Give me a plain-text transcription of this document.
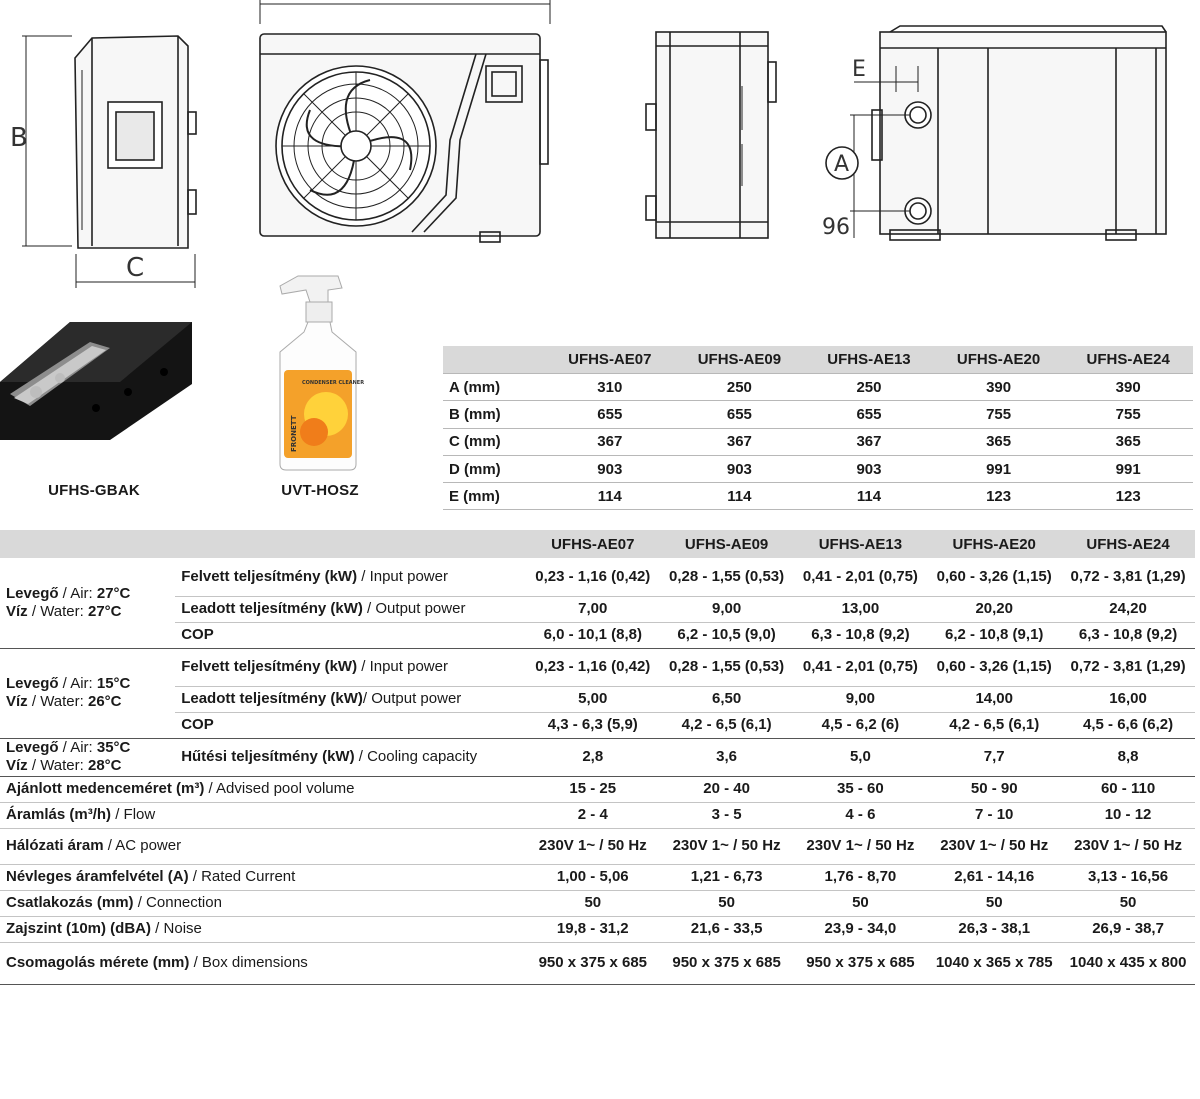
B
C
E
A
96
UFHS-GBAK
CONDENSER CLEANER
FRONETT
UVT-HOSZ
	UFHS-AE07	UFHS-AE09	UFHS-AE13	UFHS-AE20	UFHS-AE24
A (mm)	310	250	250	390	390
B (mm)	655	655	655	755	755
C (mm)	367	367	367	365	365
D (mm)	903	903	903	991	991
E (mm)	114	114	114	123	123
		UFHS-AE07	UFHS-AE09	UFHS-AE13	UFHS-AE20	UFHS-AE24

Levegő / Air: 27°C
Víz / Water: 27°C	Felvett teljesítmény (kW) / Input power	0,23 - 1,16 (0,42)	0,28 - 1,55 (0,53)	0,41 - 2,01 (0,75)	0,60 - 3,26 (1,15)	0,72 - 3,81 (1,29)
	Leadott teljesítmény (kW) / Output power	7,00	9,00	13,00	20,20	24,20
	COP	6,0 - 10,1 (8,8)	6,2 - 10,5 (9,0)	6,3 - 10,8 (9,2)	6,2 - 10,8 (9,1)	6,3 - 10,8 (9,2)

Levegő / Air: 15°C
Víz / Water: 26°C	Felvett teljesítmény (kW) / Input power	0,23 - 1,16 (0,42)	0,28 - 1,55 (0,53)	0,41 - 2,01 (0,75)	0,60 - 3,26 (1,15)	0,72 - 3,81 (1,29)
	Leadott teljesítmény (kW)/ Output power	5,00	6,50	9,00	14,00	16,00
	COP	4,3 - 6,3 (5,9)	4,2 - 6,5 (6,1)	4,5 - 6,2 (6)	4,2 - 6,5 (6,1)	4,5 - 6,6 (6,2)

Levegő / Air: 35°C
Víz / Water: 28°C	Hűtési teljesítmény (kW) / Cooling capacity	2,8	3,6	5,0	7,7	8,8
Ajánlott medenceméret (m³) / Advised pool volume		15 - 25	20 - 40	35 - 60	50 - 90	60 - 110
Áramlás (m³/h) / Flow		2 - 4	3 - 5	4 - 6	7 - 10	10 - 12
Hálózati áram / AC power		230V 1~ / 50 Hz	230V 1~ / 50 Hz	230V 1~ / 50 Hz	230V 1~ / 50 Hz	230V 1~ / 50 Hz
Névleges áramfelvétel (A) / Rated Current		1,00 - 5,06	1,21 - 6,73	1,76 - 8,70	2,61 - 14,16	3,13 - 16,56
Csatlakozás (mm) / Connection		50	50	50	50	50
Zajszint (10m) (dBA) / Noise		19,8 - 31,2	21,6 - 33,5	23,9 - 34,0	26,3 - 38,1	26,9 - 38,7
Csomagolás mérete (mm) / Box dimensions		950 x 375 x 685	950 x 375 x 685	950 x 375 x 685	1040 x 365 x 785	1040 x 435 x 800
